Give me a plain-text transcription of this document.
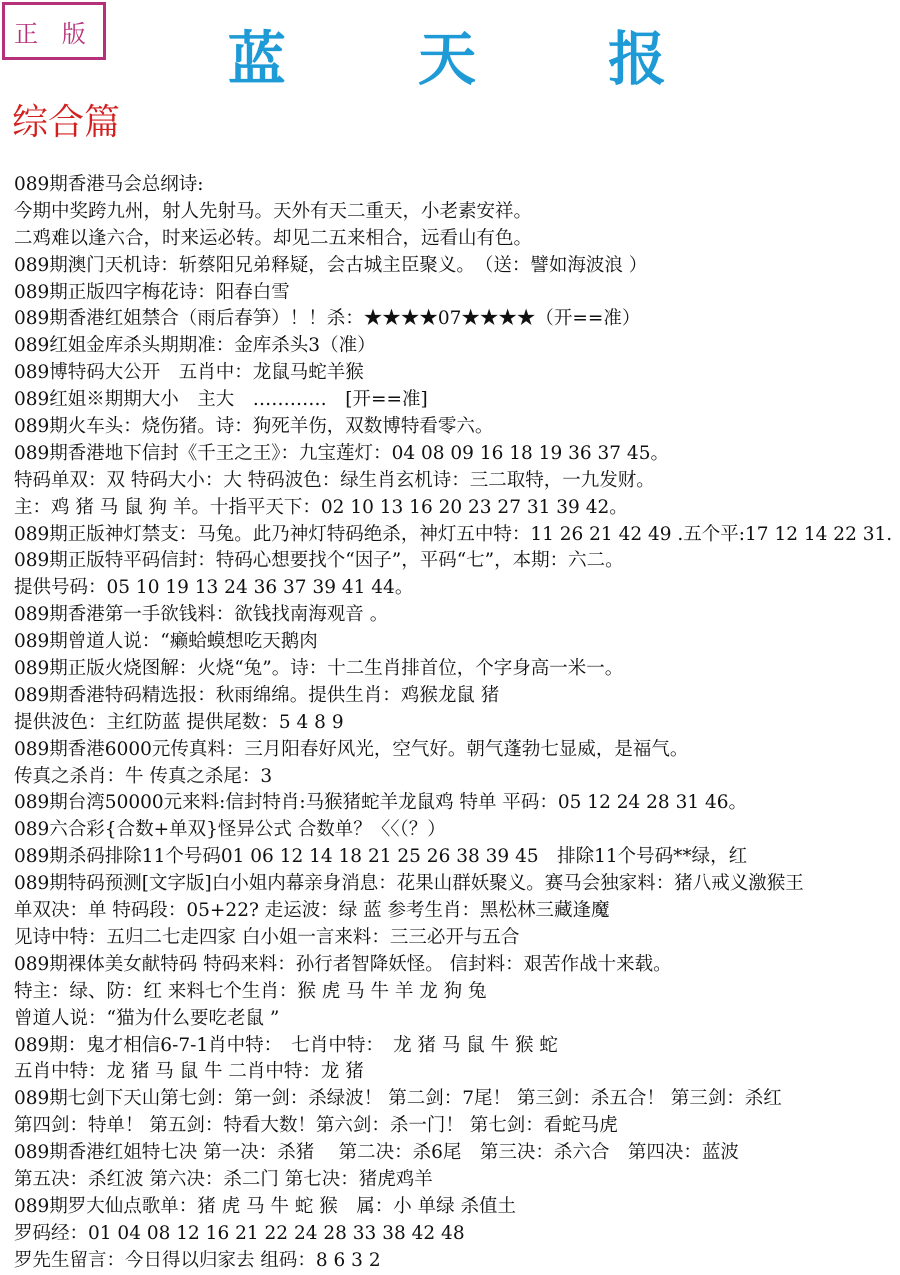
正 版	蓝 天 报
综合篇
089期香港马会总纲诗:
今期中奖跨九州，射人先射马。天外有天二重天，小老素安祥。
二鸡难以逢六合，时来运必转。却见二五来相合，远看山有色。
089期澳门天机诗：斩蔡阳兄弟释疑，会古城主臣聚义。　（送：譬如海波浪 ）
089期正版四字梅花诗：阳春白雪
089期香港红姐禁合（雨后春笋）！！杀：★★★★07★★★★（开==准）
089红姐金库杀头期期准：金库杀头3（准）
089博特码大公开　五肖中：龙鼠马蛇羊猴
089红姐※期期大小　主大　…………　[开==准]
089期火车头：烧伤猪。诗：狗死羊伤，双数博特看零六。
089期香港地下信封《千王之王》：九宝莲灯：04 08 09 16 18 19 36 37 45。
特码单双：双 特码大小：大 特码波色：绿生肖玄机诗：三二取特，一九发财。
主：鸡 猪 马 鼠 狗 羊。十指平天下：02 10 13 16 20 23 27 31 39 42。
089期正版神灯禁支：马兔。此乃神灯特码绝杀，神灯五中特：11 26 21 42 49 .五个平:17 12 14 22 31.
089期正版特平码信封：特码心想要找个“因子”，平码“七”，本期：六二。
提供号码：05 10 19 13 24 36 37 39 41 44。
089期香港第一手欲钱料：欲钱找南海观音 。
089期曾道人说：“癞蛤蟆想吃天鹅肉
089期正版火烧图解：火烧“兔”。诗：十二生肖排首位，个字身高一米一。
089期香港特码精选报：秋雨绵绵。提供生肖：鸡猴龙鼠 猪
提供波色：主红防蓝 提供尾数：5 4 8 9
089期香港6000元传真料：三月阳春好风光，空气好。朝气蓬勃七显威，是福气。
传真之杀肖：牛 传真之杀尾：3
089期台湾50000元来料:信封特肖:马猴猪蛇羊龙鼠鸡 特单 平码：05 12 24 28 31 46。
089六合彩{合数+单双}怪异公式 合数单？〈〈（？）
089期杀码排除11个号码01 06 12 14 18 21 25 26 38 39 45　排除11个号码**绿，红
089期特码预测[文字版]白小姐内幕亲身消息：花果山群妖聚义。赛马会独家料：猪八戒义激猴王
单双决：单 特码段：05+22? 走运波：绿 蓝 参考生肖：黑松林三藏逢魔
见诗中特：五归二七走四家 白小姐一言来料：三三必开与五合
089期裸体美女献特码 特码来料：孙行者智降妖怪。 信封料：艰苦作战十来载。
特主：绿、防：红 来料七个生肖：猴 虎 马 牛 羊 龙 狗 兔
曾道人说：“猫为什么要吃老鼠 ”
089期：鬼才相信6-7-1肖中特：　七肖中特：　龙 猪 马 鼠 牛 猴 蛇
五肖中特：龙 猪 马 鼠 牛 二肖中特：龙 猪
089期七剑下天山第七剑：第一剑：杀绿波！ 第二剑：7尾！ 第三剑：杀五合！ 第三剑：杀红
第四剑：特单！ 第五剑：特看大数！第六剑：杀一门！ 第七剑：看蛇马虎
089期香港红姐特七决 第一决：杀猪　 第二决：杀6尾　第三决：杀六合　第四决：蓝波
第五决：杀红波 第六决：杀二门 第七决：猪虎鸡羊
089期罗大仙点歌单：猪 虎 马 牛 蛇 猴　属：小 单绿 杀值土
罗码经：01 04 08 12 16 21 22 24 28 33 38 42 48
罗先生留言：今日得以归家去 组码：8 6 3 2
